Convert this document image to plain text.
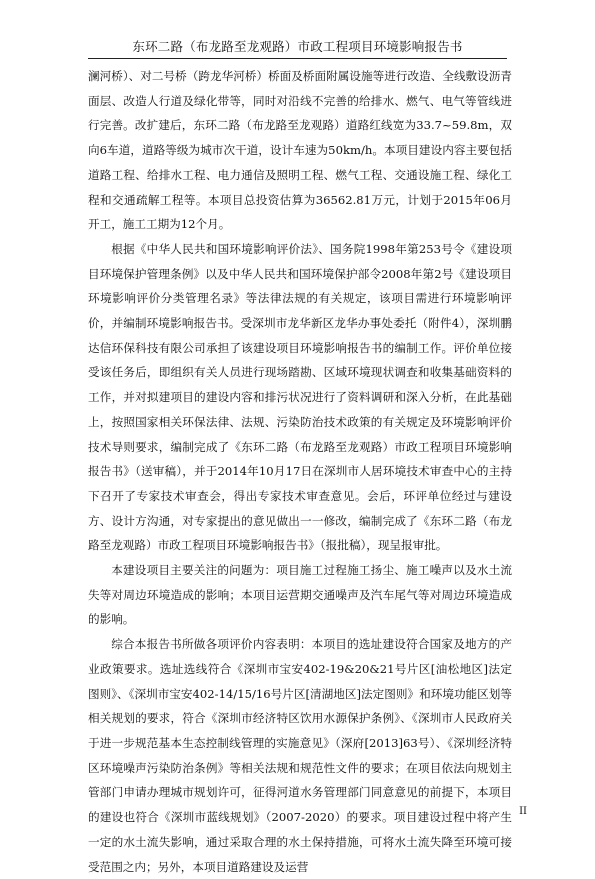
东环二路（布龙路至龙观路）市政工程项目环境影响报告书

澜河桥）、对二号桥（跨龙华河桥）桥面及桥面附属设施等进行改造、全线敷设沥青面层、改造人行道及绿化带等，同时对沿线不完善的给排水、燃气、电气等管线进行完善。改扩建后，东环二路（布龙路至龙观路）道路红线宽为33.7~59.8m，双向6车道，道路等级为城市次干道，设计车速为50km/h。本项目建设内容主要包括道路工程、给排水工程、电力通信及照明工程、燃气工程、交通设施工程、绿化工程和交通疏解工程等。本项目总投资估算为36562.81万元，计划于2015年06月开工，施工工期为12个月。

根据《中华人民共和国环境影响评价法》、国务院1998年第253号令《建设项目环境保护管理条例》以及中华人民共和国环境保护部令2008年第2号《建设项目环境影响评价分类管理名录》等法律法规的有关规定，该项目需进行环境影响评价，并编制环境影响报告书。受深圳市龙华新区龙华办事处委托（附件4），深圳鹏达信环保科技有限公司承担了该建设项目环境影响报告书的编制工作。评价单位接受该任务后，即组织有关人员进行现场踏勘、区域环境现状调查和收集基础资料的工作，并对拟建项目的建设内容和排污状况进行了资料调研和深入分析，在此基础上，按照国家相关环保法律、法规、污染防治技术政策的有关规定及环境影响评价技术导则要求，编制完成了《东环二路（布龙路至龙观路）市政工程项目环境影响报告书》（送审稿），并于2014年10月17日在深圳市人居环境技术审查中心的主持下召开了专家技术审查会，得出专家技术审查意见。会后，环评单位经过与建设方、设计方沟通，对专家提出的意见做出一一修改，编制完成了《东环二路（布龙路至龙观路）市政工程项目环境影响报告书》（报批稿），现呈报审批。

本建设项目主要关注的问题为：项目施工过程施工扬尘、施工噪声以及水土流失等对周边环境造成的影响；本项目运营期交通噪声及汽车尾气等对周边环境造成的影响。

综合本报告书所做各项评价内容表明：本项目的选址建设符合国家及地方的产业政策要求。选址选线符合《深圳市宝安402-19&20&21号片区[油松地区]法定图则》、《深圳市宝安402-14/15/16号片区[清湖地区]法定图则》和环境功能区划等相关规划的要求，符合《深圳市经济特区饮用水源保护条例》、《深圳市人民政府关于进一步规范基本生态控制线管理的实施意见》（深府[2013]63号）、《深圳经济特区环境噪声污染防治条例》等相关法规和规范性文件的要求；在项目依法向规划主管部门申请办理城市规划许可，征得河道水务管理部门同意意见的前提下，本项目的建设也符合《深圳市蓝线规划》（2007-2020）的要求。项目建设过程中将产生一定的水土流失影响，通过采取合理的水土保持措施，可将水土流失降至环境可接受范围之内；另外，本项目道路建设及运营

II
